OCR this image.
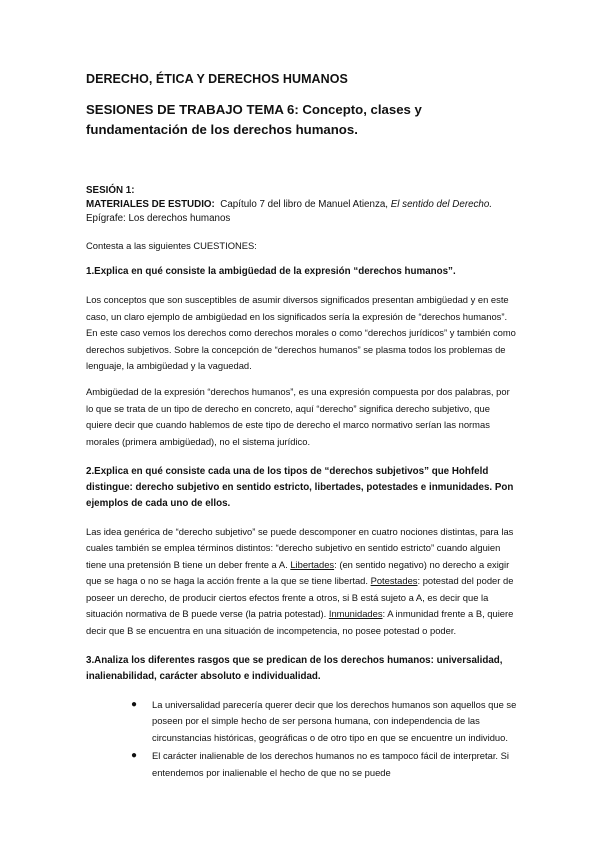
DERECHO, ÉTICA Y DERECHOS HUMANOS
SESIONES DE TRABAJO TEMA 6: Concepto, clases y fundamentación de los derechos humanos.
SESIÓN 1:
MATERIALES DE ESTUDIO: Capítulo 7 del libro de Manuel Atienza, El sentido del Derecho.
Epígrafe: Los derechos humanos

Contesta a las siguientes CUESTIONES:

1.Explica en qué consiste la ambigüedad de la expresión “derechos humanos”.

Los conceptos que son susceptibles de asumir diversos significados presentan ambigüedad y en este caso, un claro ejemplo de ambigüedad en los significados sería la expresión de “derechos humanos”. En este caso vemos los derechos como derechos morales o como “derechos jurídicos” y también como derechos subjetivos. Sobre la concepción de “derechos humanos” se plasma todos los problemas de lenguaje, la ambigüedad y la vaguedad.

Ambigüedad de la expresión “derechos humanos”, es una expresión compuesta por dos palabras, por lo que se trata de un tipo de derecho en concreto, aquí “derecho” significa derecho subjetivo, que quiere decir que cuando hablemos de este tipo de derecho el marco normativo serían las normas morales (primera ambigüedad), no el sistema jurídico.

2.Explica en qué consiste cada una de los tipos de “derechos subjetivos” que Hohfeld distingue: derecho subjetivo en sentido estricto, libertades, potestades e inmunidades. Pon ejemplos de cada uno de ellos.

Las idea genérica de “derecho subjetivo” se puede descomponer en cuatro nociones distintas, para las cuales también se emplea términos distintos: “derecho subjetivo en sentido estricto” cuando alguien tiene una pretensión B tiene un deber frente a A. Libertades: (en sentido negativo) no derecho a exigir que se haga o no se haga la acción frente a la que se tiene libertad. Potestades: potestad del poder de poseer un derecho, de producir ciertos efectos frente a otros, si B está sujeto a A, es decir que la situación normativa de B puede verse (la patria potestad). Inmunidades: A inmunidad frente a B, quiere decir que B se encuentra en una situación de incompetencia, no posee potestad o poder.

3.Analiza los diferentes rasgos que se predican de los derechos humanos: universalidad, inalienabilidad, carácter absoluto e individualidad.

● La universalidad parecería querer decir que los derechos humanos son aquellos que se poseen por el simple hecho de ser persona humana, con independencia de las circunstancias históricas, geográficas o de otro tipo en que se encuentre un individuo.
● El carácter inalienable de los derechos humanos no es tampoco fácil de interpretar. Si entendemos por inalienable el hecho de que no se puede
